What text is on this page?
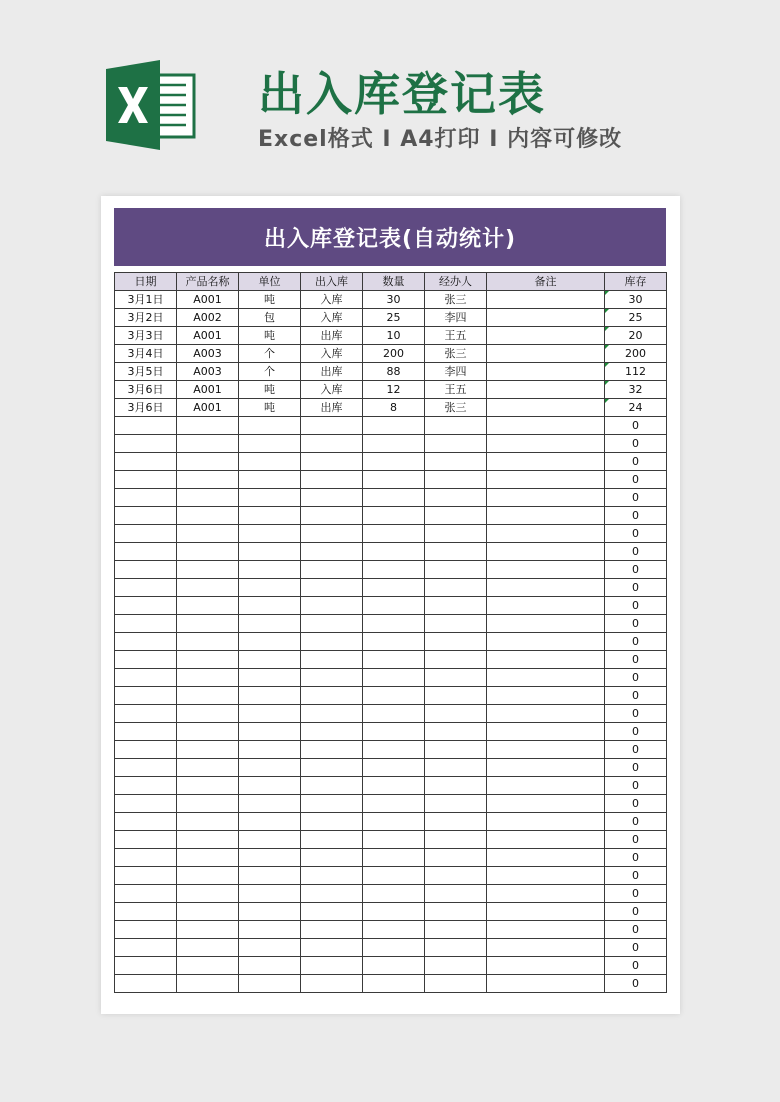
出入库登记表
Excel格式 I A4打印 I 内容可修改
出入库登记表(自动统计)
日期	产品名称	单位	出入库	数量	经办人	备注	库存
3月1日	A001	吨	入库	30	张三		30
3月2日	A002	包	入库	25	李四		25
3月3日	A001	吨	出库	10	王五		20
3月4日	A003	个	入库	200	张三		200
3月5日	A003	个	出库	88	李四		112
3月6日	A001	吨	入库	12	王五		32
3月6日	A001	吨	出库	8	张三		24
							0
							0
							0
							0
							0
							0
							0
							0
							0
							0
							0
							0
							0
							0
							0
							0
							0
							0
							0
							0
							0
							0
							0
							0
							0
							0
							0
							0
							0
							0
							0
							0
